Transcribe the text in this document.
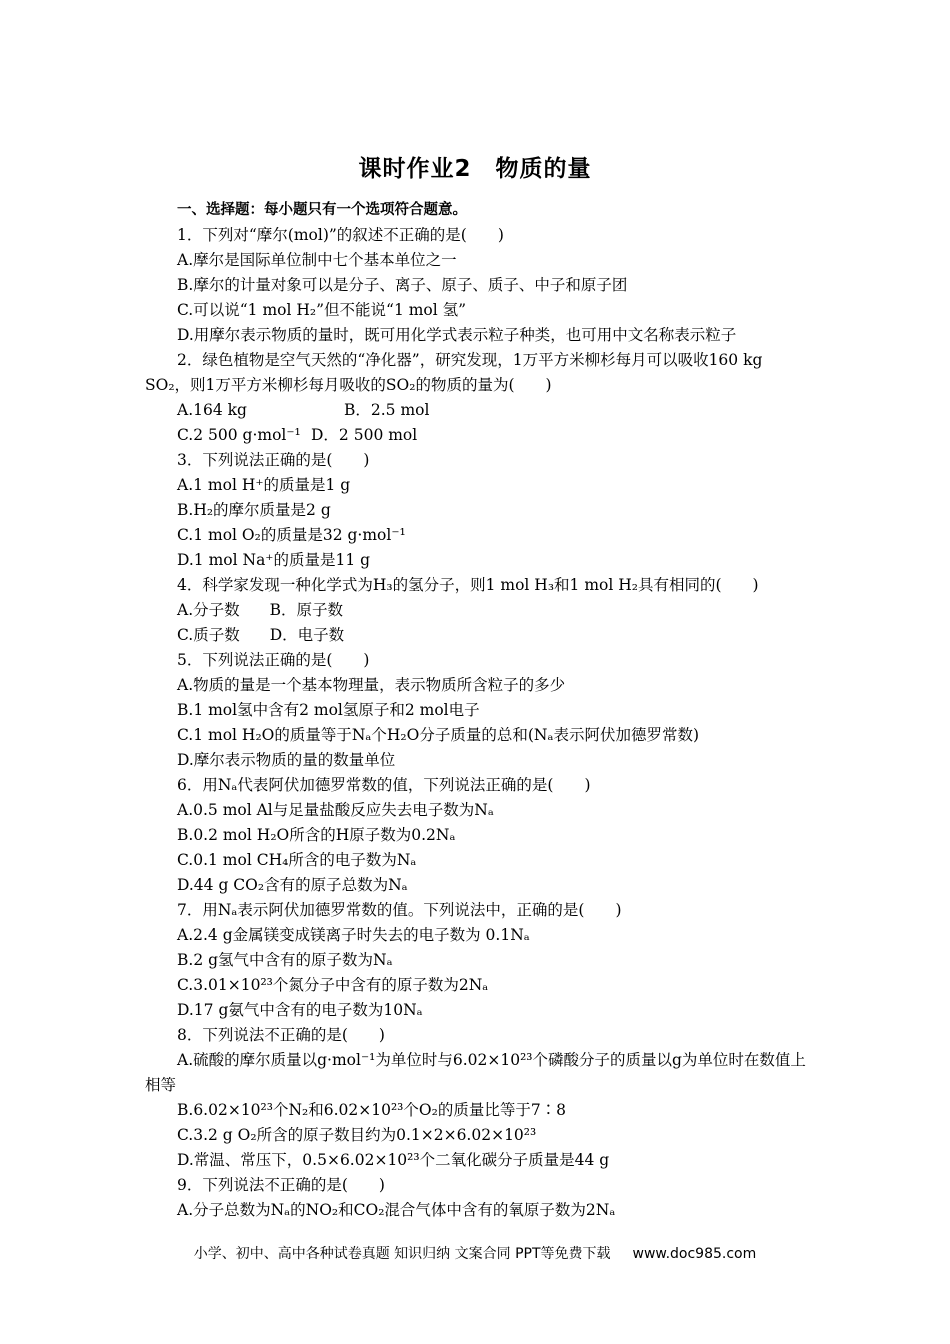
课时作业2　物质的量
一、选择题：每小题只有一个选项符合题意。
1．下列对“摩尔(mol)”的叙述不正确的是(　　)
A.摩尔是国际单位制中七个基本单位之一
B.摩尔的计量对象可以是分子、离子、原子、质子、中子和原子团
C.可以说“1 mol H₂”但不能说“1 mol 氢”
D.用摩尔表示物质的量时，既可用化学式表示粒子种类，也可用中文名称表示粒子
2．绿色植物是空气天然的“净化器”，研究发现，1万平方米柳杉每月可以吸收160 kg SO₂，则1万平方米柳杉每月吸收的SO₂的物质的量为(　　)
A.164 kg	B．2.5 mol
C.2 500 g·mol⁻¹ D．2 500 mol
3．下列说法正确的是(　　)
A.1 mol H⁺的质量是1 g
B.H₂的摩尔质量是2 g
C.1 mol O₂的质量是32 g·mol⁻¹
D.1 mol Na⁺的质量是11 g
4．科学家发现一种化学式为H₃的氢分子，则1 mol H₃和1 mol H₂具有相同的(　　)
A.分子数 B．原子数
C.质子数 D．电子数
5．下列说法正确的是(　　)
A.物质的量是一个基本物理量，表示物质所含粒子的多少
B.1 mol氢中含有2 mol氢原子和2 mol电子
C.1 mol H₂O的质量等于Nₐ个H₂O分子质量的总和(Nₐ表示阿伏加德罗常数)
D.摩尔表示物质的量的数量单位
6．用Nₐ代表阿伏加德罗常数的值，下列说法正确的是(　　)
A.0.5 mol Al与足量盐酸反应失去电子数为Nₐ
B.0.2 mol H₂O所含的H原子数为0.2Nₐ
C.0.1 mol CH₄所含的电子数为Nₐ
D.44 g CO₂含有的原子总数为Nₐ
7．用Nₐ表示阿伏加德罗常数的值。下列说法中，正确的是(　　)
A.2.4 g金属镁变成镁离子时失去的电子数为 0.1Nₐ
B.2 g氢气中含有的原子数为Nₐ
C.3.01×10²³个氮分子中含有的原子数为2Nₐ
D.17 g氨气中含有的电子数为10Nₐ
8．下列说法不正确的是(　　)
A.硫酸的摩尔质量以g·mol⁻¹为单位时与6.02×10²³个磷酸分子的质量以g为单位时在数值上相等
B.6.02×10²³个N₂和6.02×10²³个O₂的质量比等于7∶8
C.3.2 g O₂所含的原子数目约为0.1×2×6.02×10²³
D.常温、常压下，0.5×6.02×10²³个二氧化碳分子质量是44 g
9．下列说法不正确的是(　　)
A.分子总数为Nₐ的NO₂和CO₂混合气体中含有的氧原子数为2Nₐ
小学、初中、高中各种试卷真题 知识归纳 文案合同 PPT等免费下载 www.doc985.com
